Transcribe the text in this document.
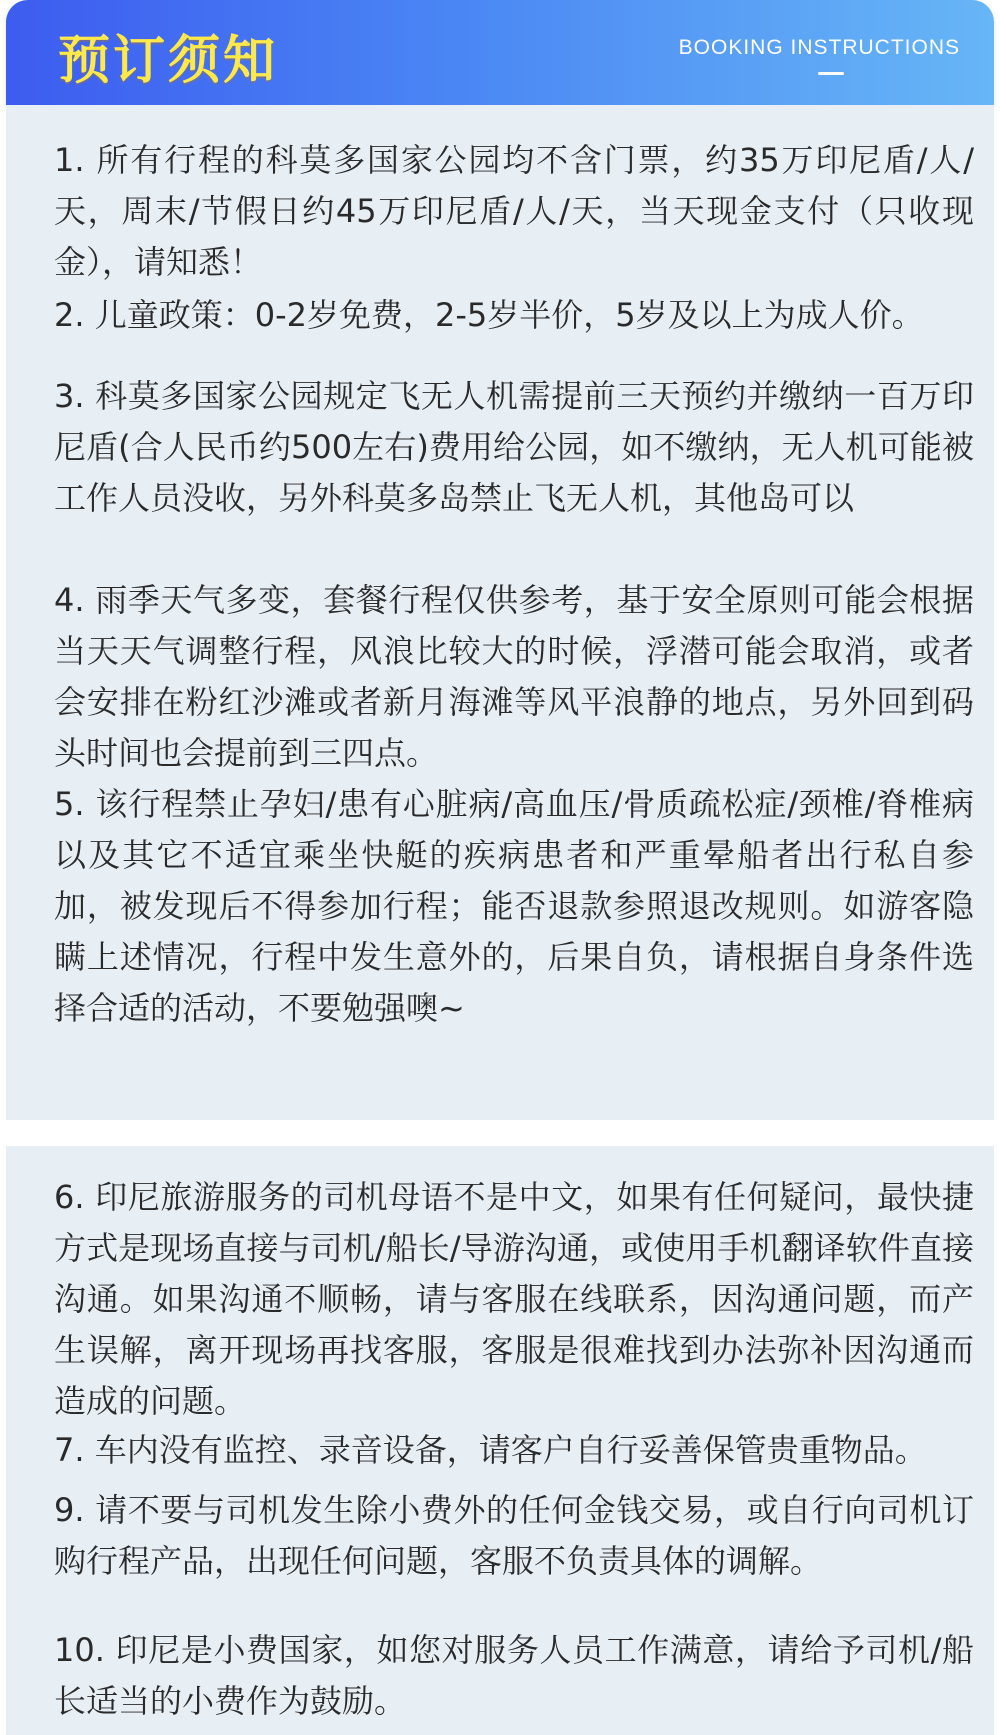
预订须知	BOOKING INSTRUCTIONS

1. 所有行程的科莫多国家公园均不含门票，约35万印尼盾/人/天，周末/节假日约45万印尼盾/人/天，当天现金支付（只收现金），请知悉！

2. 儿童政策：0-2岁免费，2-5岁半价，5岁及以上为成人价。

3. 科莫多国家公园规定飞无人机需提前三天预约并缴纳一百万印尼盾(合人民币约500左右)费用给公园，如不缴纳，无人机可能被工作人员没收，另外科莫多岛禁止飞无人机，其他岛可以

4. 雨季天气多变，套餐行程仅供参考，基于安全原则可能会根据当天天气调整行程，风浪比较大的时候，浮潜可能会取消，或者会安排在粉红沙滩或者新月海滩等风平浪静的地点，另外回到码头时间也会提前到三四点。

5. 该行程禁止孕妇/患有心脏病/高血压/骨质疏松症/颈椎/脊椎病以及其它不适宜乘坐快艇的疾病患者和严重晕船者出行私自参加，被发现后不得参加行程；能否退款参照退改规则。如游客隐瞒上述情况，行程中发生意外的，后果自负，请根据自身条件选择合适的活动，不要勉强噢~

6. 印尼旅游服务的司机母语不是中文，如果有任何疑问，最快捷方式是现场直接与司机/船长/导游沟通，或使用手机翻译软件直接沟通。如果沟通不顺畅，请与客服在线联系，因沟通问题，而产生误解，离开现场再找客服，客服是很难找到办法弥补因沟通而造成的问题。

7. 车内没有监控、录音设备，请客户自行妥善保管贵重物品。

9. 请不要与司机发生除小费外的任何金钱交易，或自行向司机订购行程产品，出现任何问题，客服不负责具体的调解。

10. 印尼是小费国家，如您对服务人员工作满意，请给予司机/船长适当的小费作为鼓励。
